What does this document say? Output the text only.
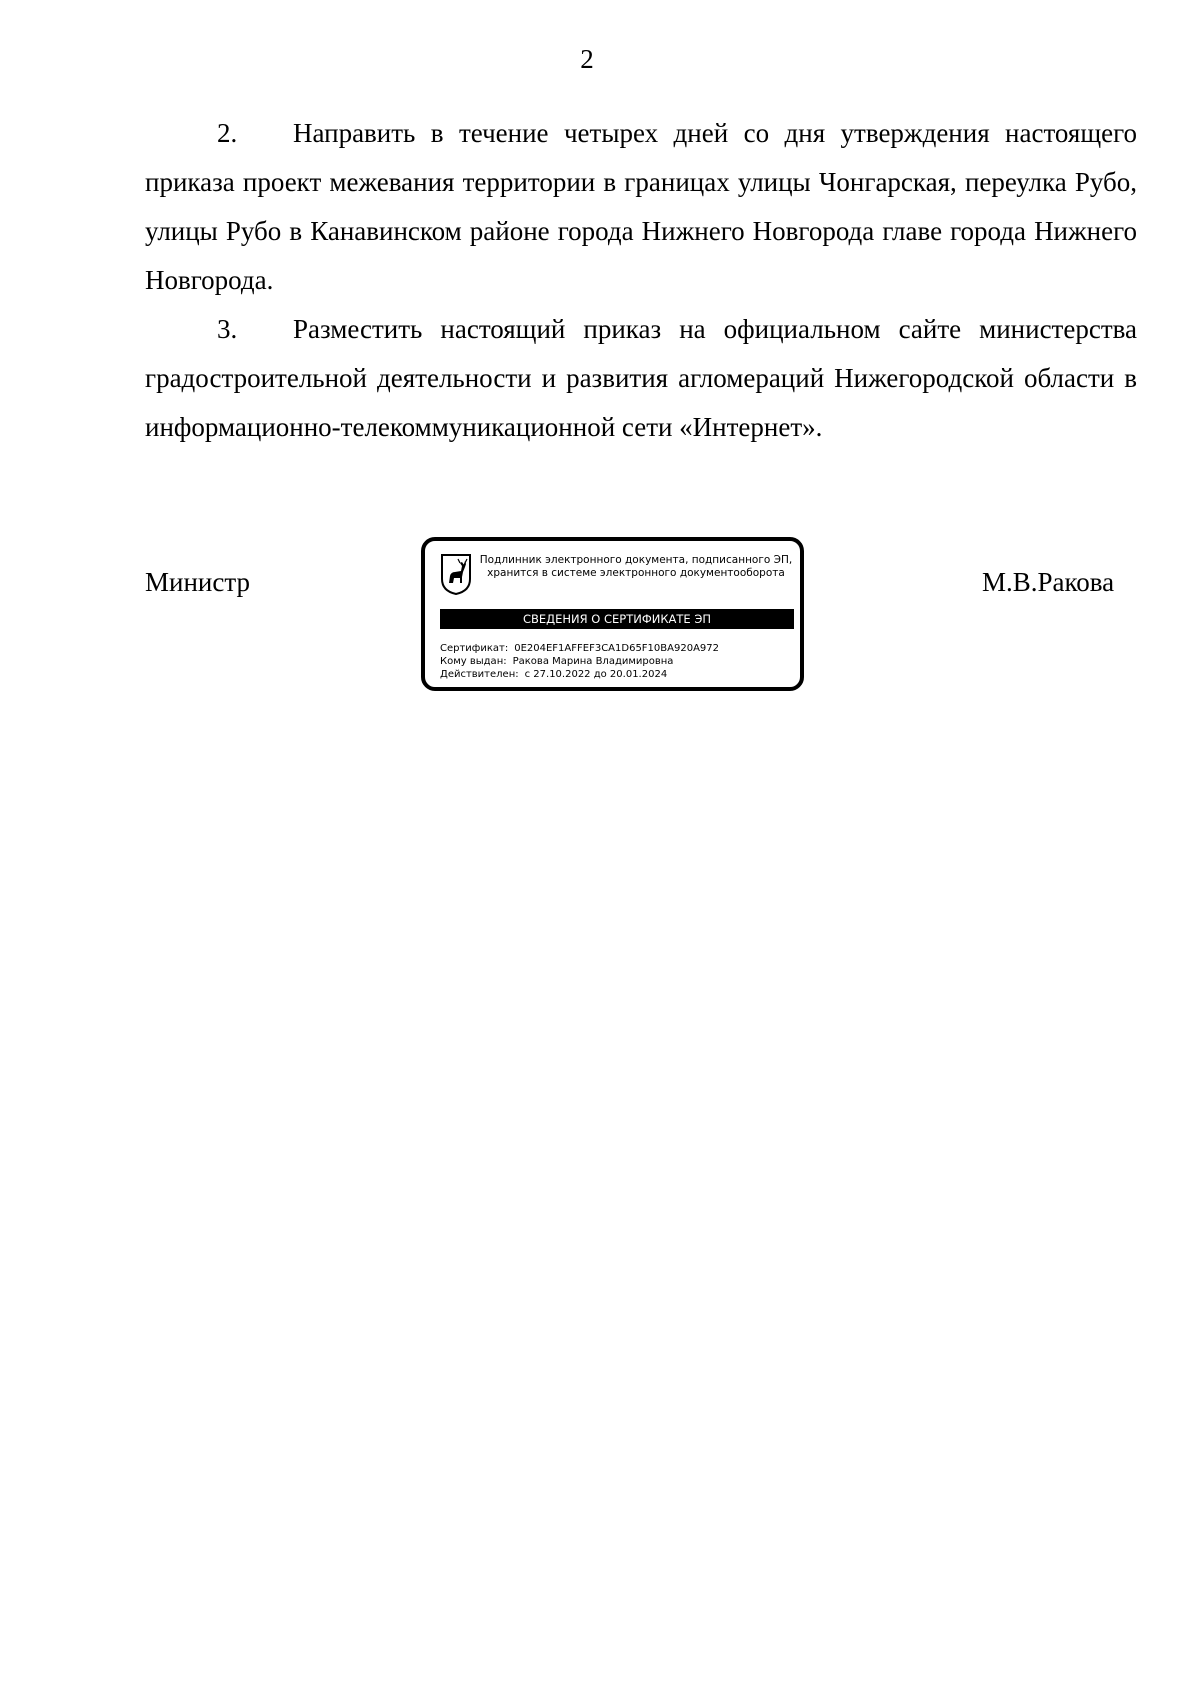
2

2. Направить в течение четырех дней со дня утверждения настоящего приказа проект межевания территории в границах улицы Чонгарская, переулка Рубо, улицы Рубо в Канавинском районе города Нижнего Новгорода главе города Нижнего Новгорода.

3. Разместить настоящий приказ на официальном сайте министерства градостроительной деятельности и развития агломераций Нижегородской области в информационно-телекоммуникационной сети «Интернет».

Министр
Подлинник электронного документа, подписанного ЭП,
хранится в системе электронного документооборота
СВЕДЕНИЯ О СЕРТИФИКАТЕ ЭП
Сертификат: 0E204EF1AFFEF3CA1D65F10BA920A972
Кому выдан: Ракова Марина Владимировна
Действителен: с 27.10.2022 до 20.01.2024
М.В.Ракова
